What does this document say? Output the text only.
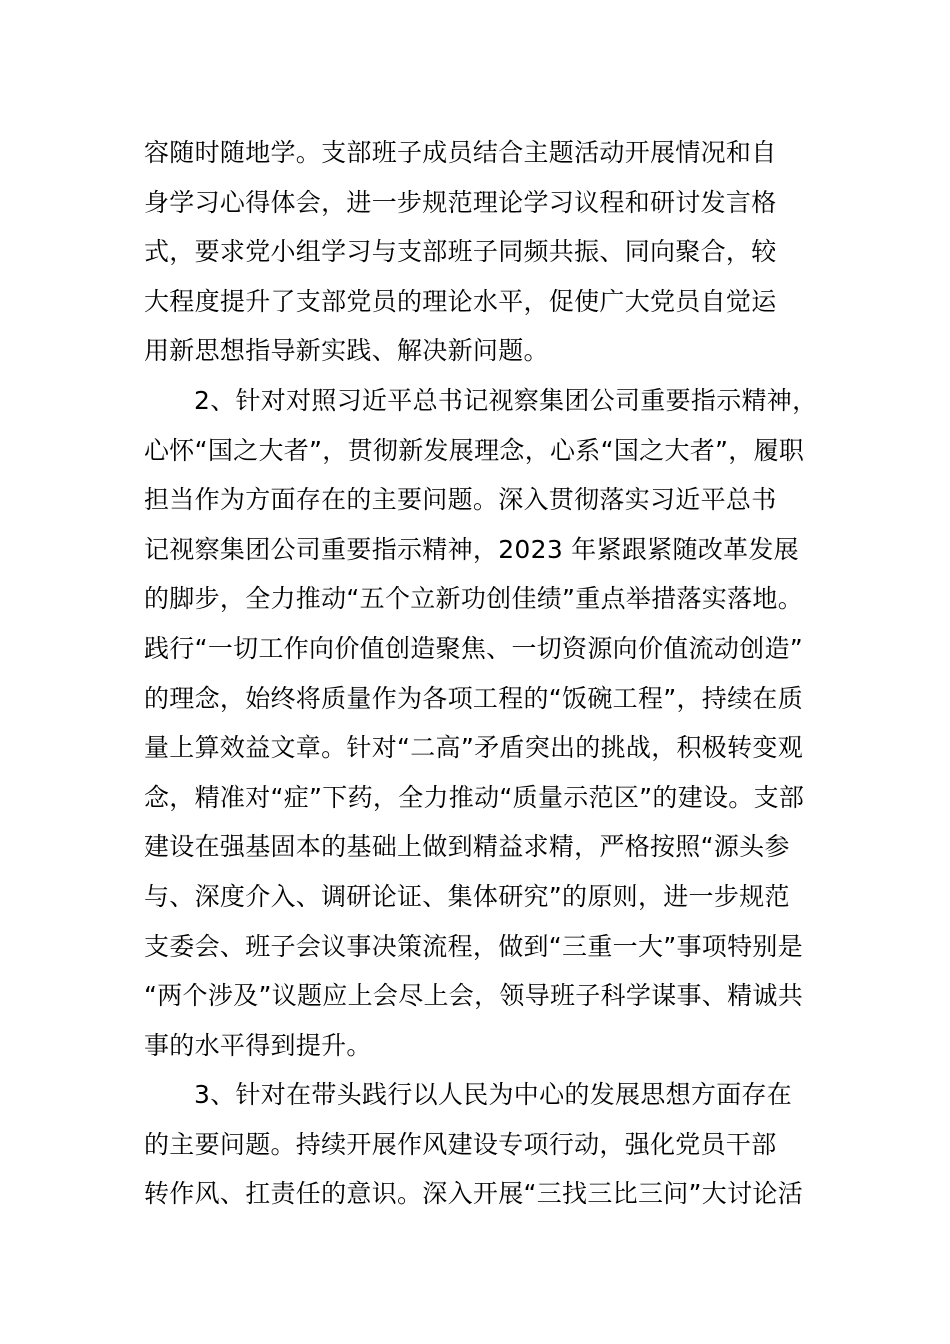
容随时随地学。支部班子成员结合主题活动开展情况和自
身学习心得体会，进一步规范理论学习议程和研讨发言格
式，要求党小组学习与支部班子同频共振、同向聚合，较
大程度提升了支部党员的理论水平，促使广大党员自觉运
用新思想指导新实践、解决新问题。
2、针对对照习近平总书记视察集团公司重要指示精神，
心怀“国之大者”，贯彻新发展理念，心系“国之大者”，履职
担当作为方面存在的主要问题。深入贯彻落实习近平总书
记视察集团公司重要指示精神，2023 年紧跟紧随改革发展
的脚步，全力推动“五个立新功创佳绩”重点举措落实落地。
践行“一切工作向价值创造聚焦、一切资源向价值流动创造”
的理念，始终将质量作为各项工程的“饭碗工程”，持续在质
量上算效益文章。针对“二高”矛盾突出的挑战，积极转变观
念，精准对“症”下药，全力推动“质量示范区”的建设。支部
建设在强基固本的基础上做到精益求精，严格按照“源头参
与、深度介入、调研论证、集体研究”的原则，进一步规范
支委会、班子会议事决策流程，做到“三重一大”事项特别是
“两个涉及”议题应上会尽上会，领导班子科学谋事、精诚共
事的水平得到提升。
3、针对在带头践行以人民为中心的发展思想方面存在
的主要问题。持续开展作风建设专项行动，强化党员干部
转作风、扛责任的意识。深入开展“三找三比三问”大讨论活
